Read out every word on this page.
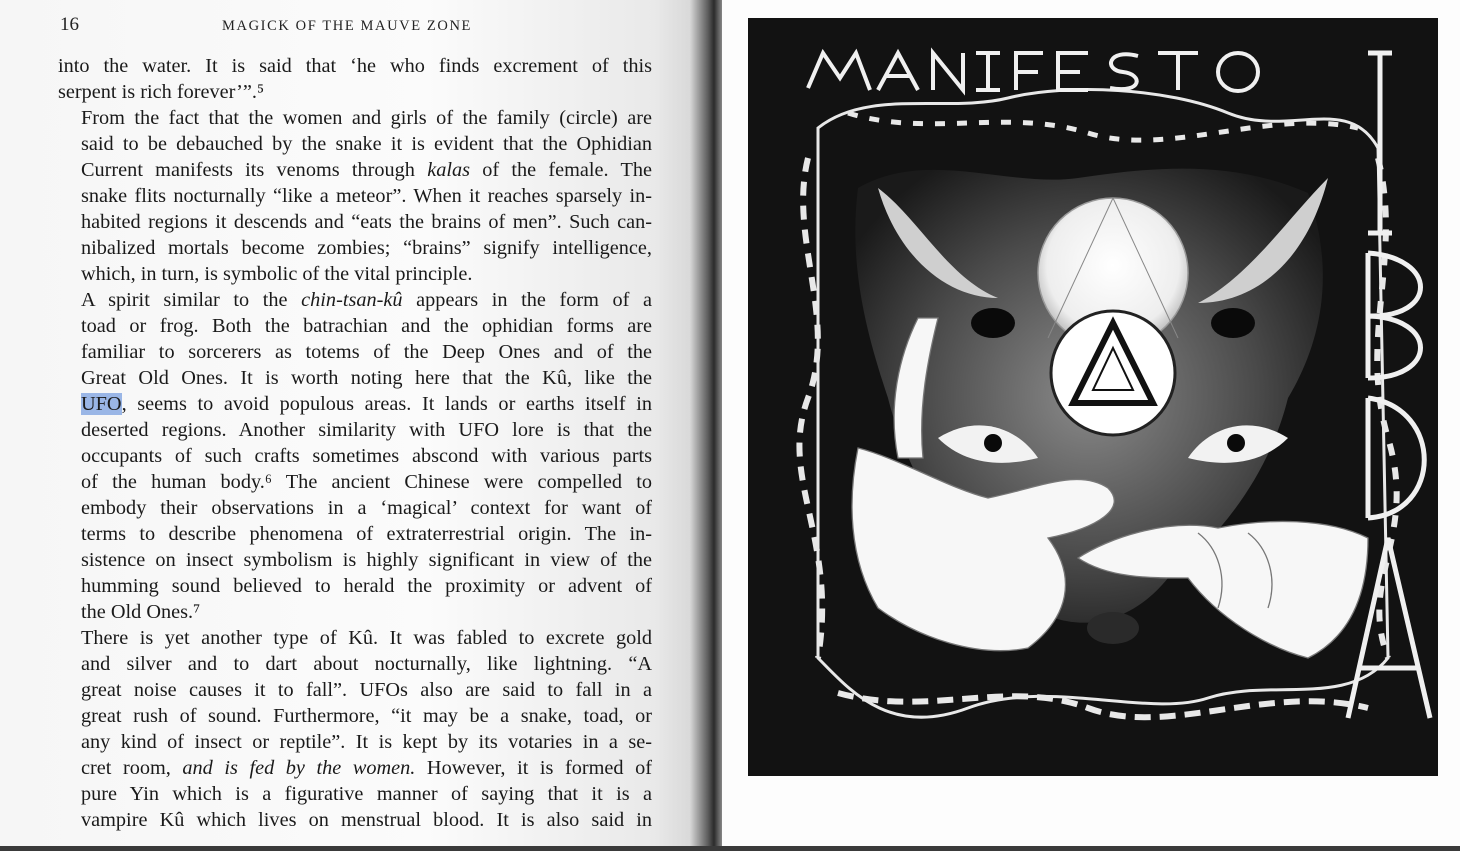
16	MAGICK OF THE MAUVE ZONE

into the water. It is said that ‘he who finds excrement of this
serpent is rich forever’”.⁵

From the fact that the women and girls of the family (circle) are
said to be debauched by the snake it is evident that the Ophidian
Current manifests its venoms through kalas of the female. The
snake flits nocturnally “like a meteor”. When it reaches sparsely in-
habited regions it descends and “eats the brains of men”. Such can-
nibalized mortals become zombies; “brains” signify intelligence,
which, in turn, is symbolic of the vital principle.

A spirit similar to the chin-tsan-kû appears in the form of a
toad or frog. Both the batrachian and the ophidian forms are
familiar to sorcerers as totems of the Deep Ones and of the
Great Old Ones. It is worth noting here that the Kû, like the
UFO, seems to avoid populous areas. It lands or earths itself in
deserted regions. Another similarity with UFO lore is that the
occupants of such crafts sometimes abscond with various parts
of the human body.⁶ The ancient Chinese were compelled to
embody their observations in a ‘magical’ context for want of
terms to describe phenomena of extraterrestrial origin. The in-
sistence on insect symbolism is highly significant in view of the
humming sound believed to herald the proximity or advent of
the Old Ones.⁷

There is yet another type of Kû. It was fabled to excrete gold
and silver and to dart about nocturnally, like lightning. “A
great noise causes it to fall”. UFOs also are said to fall in a
great rush of sound. Furthermore, “it may be a snake, toad, or
any kind of insect or reptile”. It is kept by its votaries in a se-
cret room, and is fed by the women. However, it is formed of
pure Yin which is a figurative manner of saying that it is a
vampire Kû which lives on menstrual blood. It is also said in
